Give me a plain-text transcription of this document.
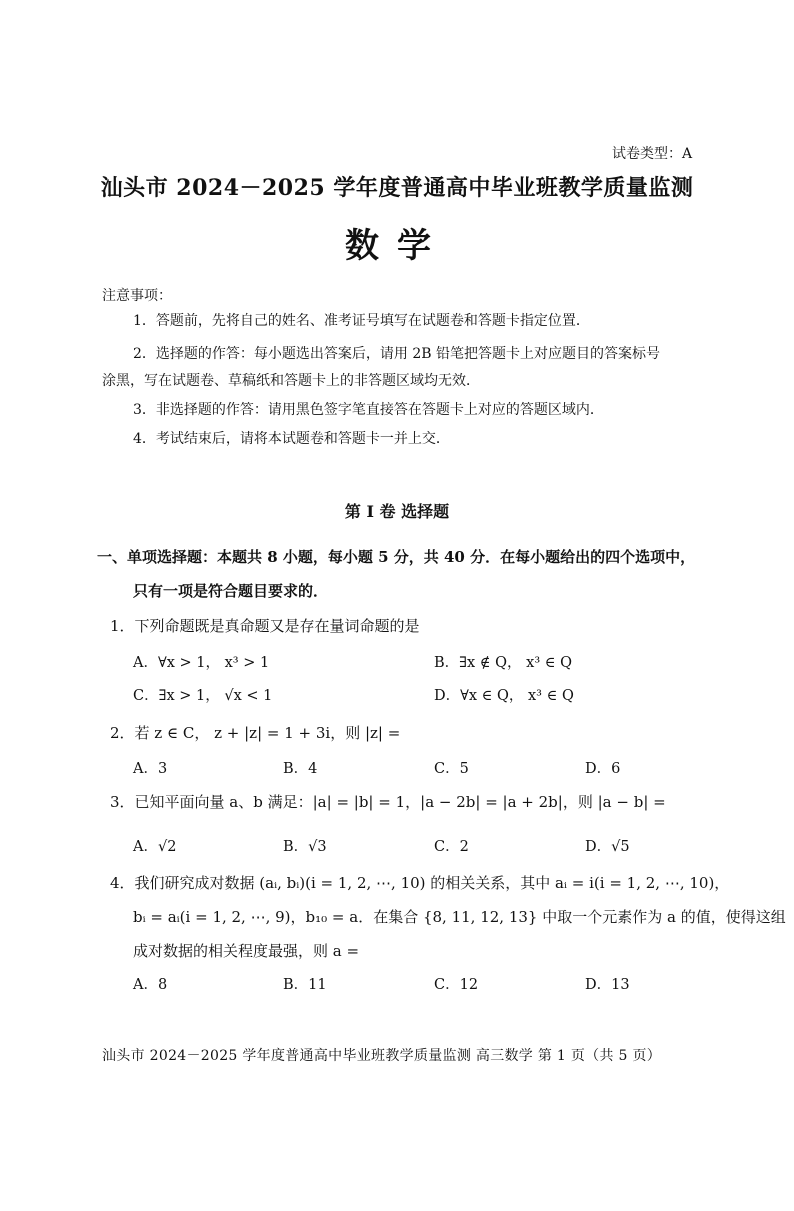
试卷类型：A
汕头市 2024－2025 学年度普通高中毕业班教学质量监测
数学
注意事项：
1．答题前，先将自己的姓名、准考证号填写在试题卷和答题卡指定位置．
2．选择题的作答：每小题选出答案后，请用 2B 铅笔把答题卡上对应题目的答案标号
涂黑，写在试题卷、草稿纸和答题卡上的非答题区域均无效．
3．非选择题的作答：请用黑色签字笔直接答在答题卡上对应的答题区域内．
4．考试结束后，请将本试题卷和答题卡一并上交．
第 I 卷 选择题
一、单项选择题：本题共 8 小题，每小题 5 分，共 40 分．在每小题给出的四个选项中，
只有一项是符合题目要求的．
1．下列命题既是真命题又是存在量词命题的是
A．∀x > 1， x³ > 1	B．∃x ∉ Q， x³ ∈ Q
C．∃x > 1， √x < 1	D．∀x ∈ Q， x³ ∈ Q
2．若 z ∈ C， z + |z| = 1 + 3i，则 |z| =
A．3	B．4	C．5	D．6
3．已知平面向量 a、b 满足：|a| = |b| = 1，|a − 2b| = |a + 2b|，则 |a − b| =
A．√2	B．√3	C．2	D．√5
4．我们研究成对数据 (aᵢ, bᵢ)(i = 1, 2, ⋯, 10) 的相关关系，其中 aᵢ = i(i = 1, 2, ⋯, 10)，
bᵢ = aᵢ(i = 1, 2, ⋯, 9)，b₁₀ = a．在集合 {8, 11, 12, 13} 中取一个元素作为 a 的值，使得这组
成对数据的相关程度最强，则 a =
A．8	B．11	C．12	D．13
汕头市 2024－2025 学年度普通高中毕业班教学质量监测 高三数学 第 1 页（共 5 页）
